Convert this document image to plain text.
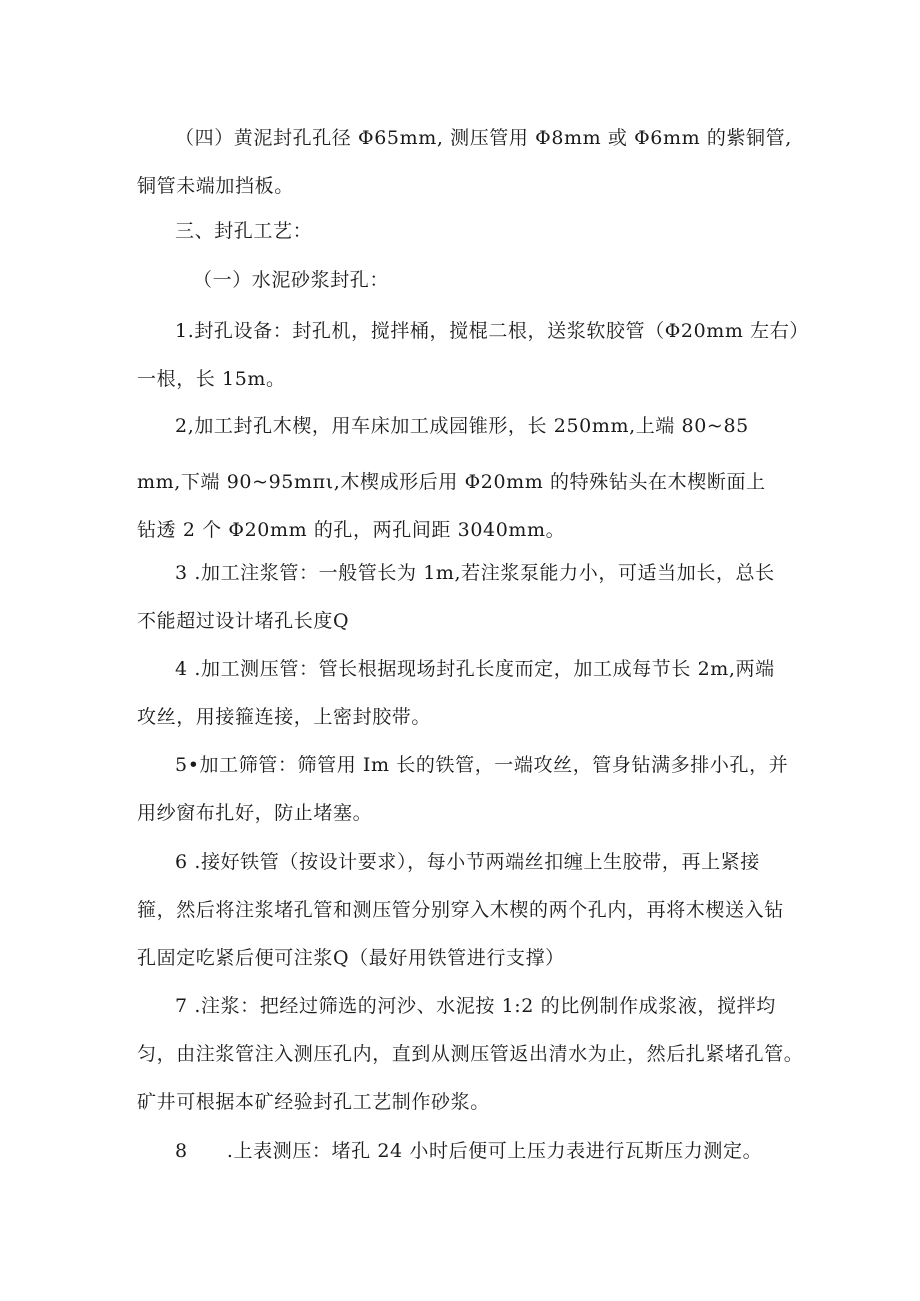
（四）黄泥封孔孔径 Φ65mm, 测压管用 Φ8mm 或 Φ6mm 的紫铜管,
铜管未端加挡板。
三、封孔工艺：
（一）水泥砂浆封孔：
1.封孔设备：封孔机，搅拌桶，搅棍二根，送浆软胶管（Φ20mm 左右）
一根，长 15m。
2,加工封孔木楔，用车床加工成园锥形，长 250mm,上端 80~85
mm,下端 90~95mπι,木楔成形后用 Φ20mm 的特殊钻头在木楔断面上
钻透 2 个 Φ20mm 的孔，两孔间距 3040mm。
3 .加工注浆管：一般管长为 1m,若注浆泵能力小，可适当加长，总长
不能超过设计堵孔长度Q
4 .加工测压管：管长根据现场封孔长度而定，加工成每节长 2m,两端
攻丝，用接箍连接，上密封胶带。
5•加工筛管：筛管用 Im 长的铁管，一端攻丝，管身钻满多排小孔，并
用纱窗布扎好，防止堵塞。
6 .接好铁管（按设计要求），每小节两端丝扣缠上生胶带，再上紧接
箍，然后将注浆堵孔管和测压管分别穿入木楔的两个孔内，再将木楔送入钻
孔固定吃紧后便可注浆Q（最好用铁管进行支撑）
7 .注浆：把经过筛选的河沙、水泥按 1:2 的比例制作成浆液，搅拌均
匀，由注浆管注入测压孔内，直到从测压管返出清水为止，然后扎紧堵孔管。
矿井可根据本矿经验封孔工艺制作砂浆。
8　　.上表测压：堵孔 24 小时后便可上压力表进行瓦斯压力测定。
